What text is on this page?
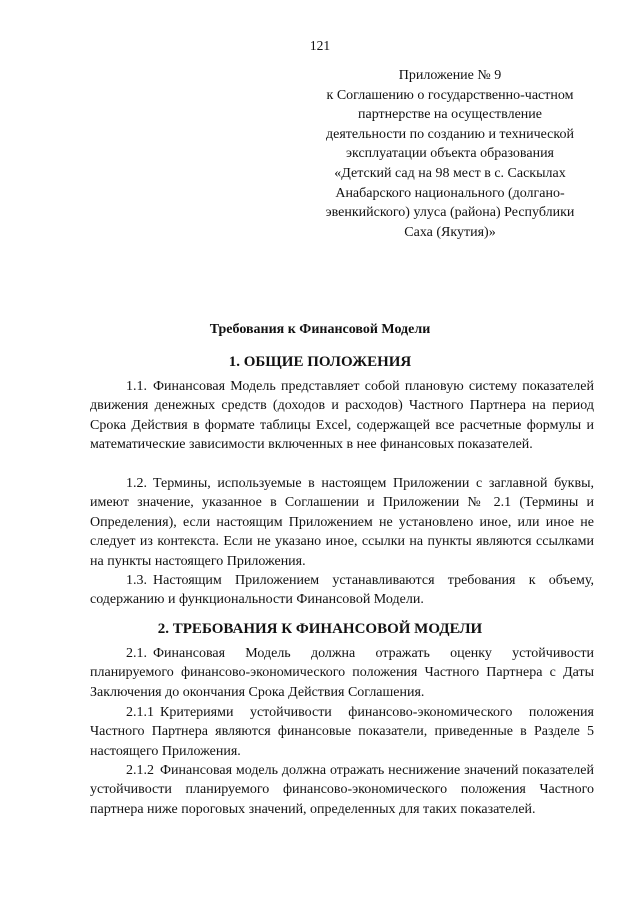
121
Приложение № 9
к Соглашению о государственно-частном
партнерстве на осуществление
деятельности по созданию и технической
эксплуатации объекта образования
«Детский сад на 98 мест в с. Саскылах
Анабарского национального (долгано-
эвенкийского) улуса (района) Республики
Саха (Якутия)»
Требования к Финансовой Модели
1. ОБЩИЕ ПОЛОЖЕНИЯ
1.1. Финансовая Модель представляет собой плановую систему показателей движения денежных средств (доходов и расходов) Частного Партнера на период Срока Действия в формате таблицы Excel, содержащей все расчетные формулы и математические зависимости включенных в нее финансовых показателей.
1.2. Термины, используемые в настоящем Приложении с заглавной буквы, имеют значение, указанное в Соглашении и Приложении № 2.1 (Термины и Определения), если настоящим Приложением не установлено иное, или иное не следует из контекста. Если не указано иное, ссылки на пункты являются ссылками на пункты настоящего Приложения.
1.3. Настоящим Приложением устанавливаются требования к объему, содержанию и функциональности Финансовой Модели.
2. ТРЕБОВАНИЯ К ФИНАНСОВОЙ МОДЕЛИ
2.1. Финансовая Модель должна отражать оценку устойчивости планируемого финансово-экономического положения Частного Партнера с Даты Заключения до окончания Срока Действия Соглашения.
2.1.1 Критериями устойчивости финансово-экономического положения Частного Партнера являются финансовые показатели, приведенные в Разделе 5 настоящего Приложения.
2.1.2 Финансовая модель должна отражать неснижение значений показателей устойчивости планируемого финансово-экономического положения Частного партнера ниже пороговых значений, определенных для таких показателей.
